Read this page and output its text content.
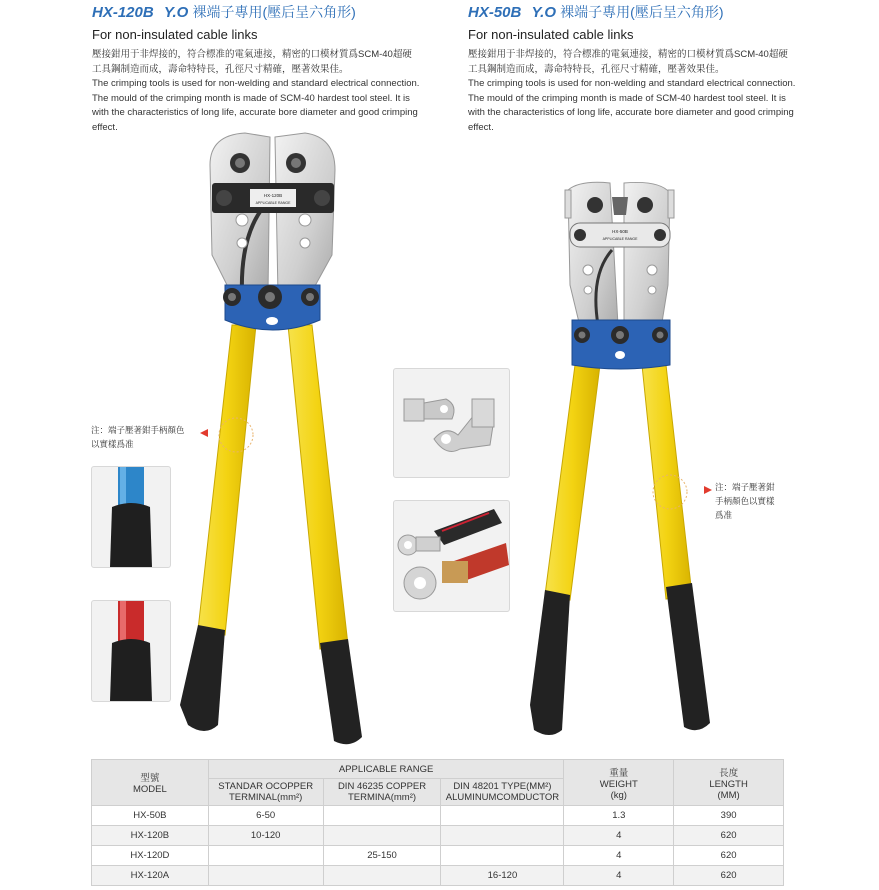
HX-120B Y.O 裸端子專用(壓后呈六角形)
For non-insulated cable links
壓接鉗用于非焊接的，符合標准的電氣連接，精密的口模材質爲SCM-40超硬
工具鋼制造而成，壽命特特長，孔徑尺寸精確，壓著效果佳。
The crimping tools is used for non-welding and standard electrical connection.
The mould of the crimping month is made of SCM-40 hardest tool steel. It is
with the characteristics of long life, accurate bore diameter and good crimping
effect.
HX-50B Y.O 裸端子專用(壓后呈六角形)
For non-insulated cable links
壓接鉗用于非焊接的，符合標准的電氣連接，精密的口模材質爲SCM-40超硬
工具鋼制造而成，壽命特特長，孔徑尺寸精確，壓著效果佳。
The crimping tools is used for non-welding and standard electrical connection.
The mould of the crimping month is made of SCM-40 hardest tool steel. It is
with the characteristics of long life, accurate bore diameter and good crimping
effect.
HX-120B
APPLICABLE RANGE
HX-50B
APPLICABLE RANGE
注：端子壓著鉗手柄顏色
以實樣爲准
注：端子壓著鉗
手柄顏色以實樣
爲准
型號
MODEL	APPLICABLE RANGE			重量
WEIGHT
(kg)	長度
LENGTH
(MM)

	STANDAR OCOPPER
TERMINAL(mm²)	DIN 46235 COPPER
TERMINA(mm²)	DIN 48201 TYPE(MM²)
ALUMINUMCOMDUCTOR		

HX-50B	6-50			1.3	390
HX-120B	10-120			4	620
HX-120D		25-150		4	620
HX-120A			16-120	4	620
